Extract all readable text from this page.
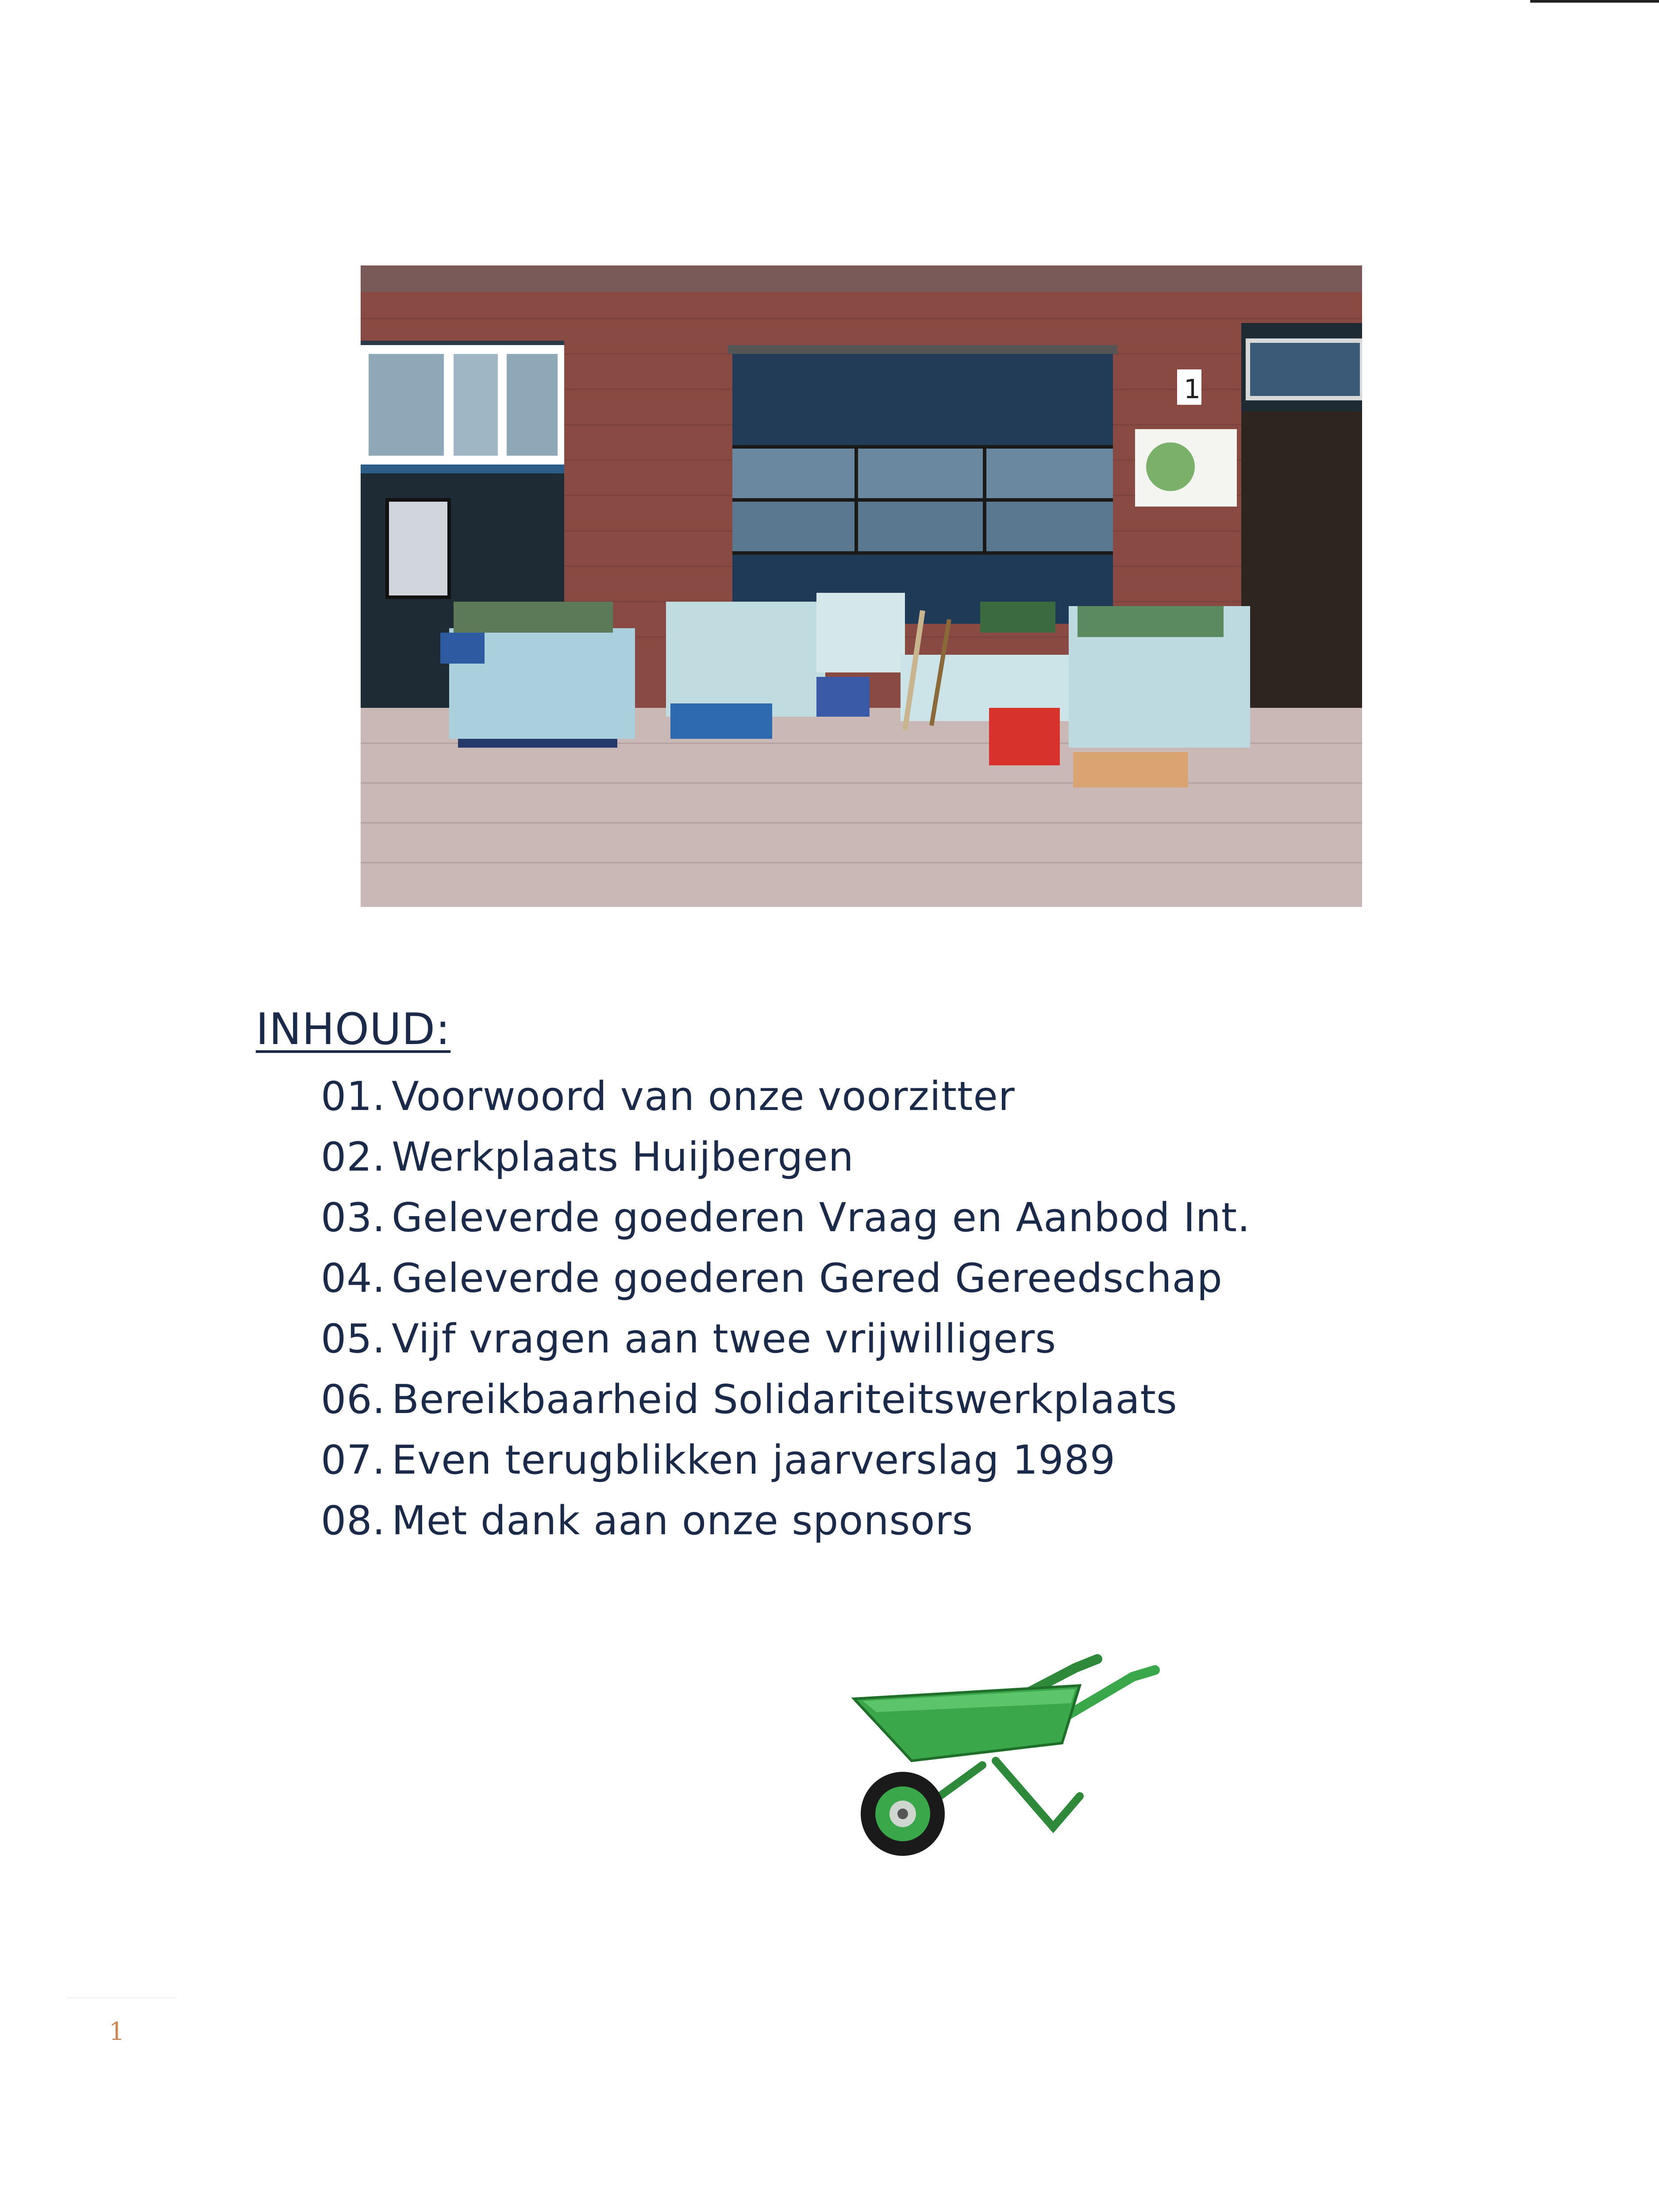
1
INHOUD:
01. Voorwoord van onze voorzitter
02. Werkplaats Huijbergen
03. Geleverde goederen Vraag en Aanbod Int.
04. Geleverde goederen Gered Gereedschap
05. Vijf vragen aan twee vrijwilligers
06. Bereikbaarheid Solidariteitswerkplaats
07. Even terugblikken jaarverslag 1989
08. Met dank aan onze sponsors
1
